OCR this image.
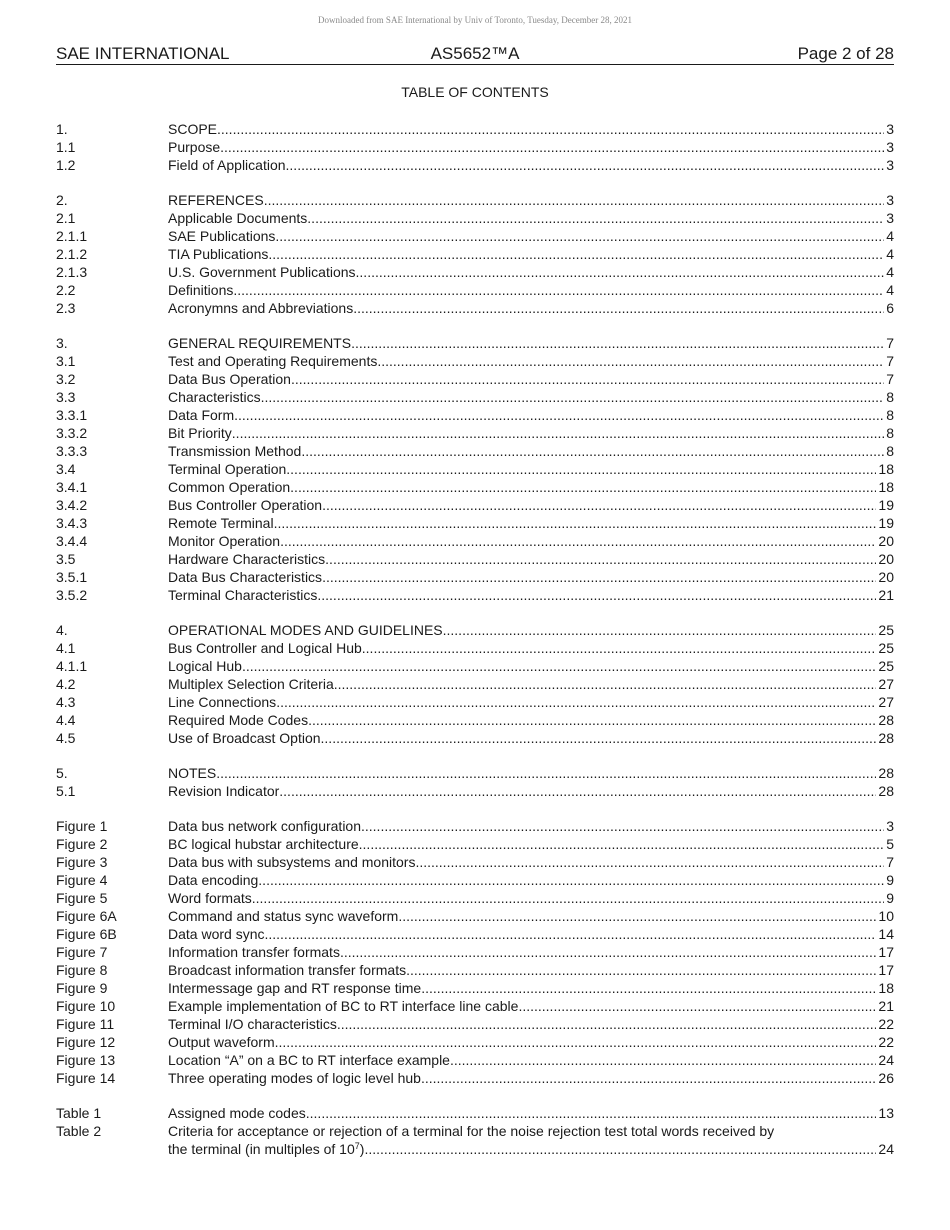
Downloaded from SAE International by Univ of Toronto, Tuesday, December 28, 2021
AS5652™A
SAE INTERNATIONAL	Page 2 of 28
TABLE OF CONTENTS
1.	SCOPE .....	3
1.1	Purpose .....	3
1.2	Field of Application .....	3
2.	REFERENCES .....	3
2.1	Applicable Documents .....	3
2.1.1	SAE Publications .....	4
2.1.2	TIA Publications .....	4
2.1.3	U.S. Government Publications .....	4
2.2	Definitions .....	4
2.3	Acronymns and Abbreviations .....	6
3.	GENERAL REQUIREMENTS .....	7
3.1	Test and Operating Requirements .....	7
3.2	Data Bus Operation .....	7
3.3	Characteristics .....	8
3.3.1	Data Form .....	8
3.3.2	Bit Priority .....	8
3.3.3	Transmission Method .....	8
3.4	Terminal Operation .....	18
3.4.1	Common Operation .....	18
3.4.2	Bus Controller Operation .....	19
3.4.3	Remote Terminal .....	19
3.4.4	Monitor Operation .....	20
3.5	Hardware Characteristics .....	20
3.5.1	Data Bus Characteristics .....	20
3.5.2	Terminal Characteristics .....	21
4.	OPERATIONAL MODES AND GUIDELINES .....	25
4.1	Bus Controller and Logical Hub .....	25
4.1.1	Logical Hub .....	25
4.2	Multiplex Selection Criteria .....	27
4.3	Line Connections .....	27
4.4	Required Mode Codes .....	28
4.5	Use of Broadcast Option .....	28
5.	NOTES .....	28
5.1	Revision Indicator .....	28
Figure 1	Data bus network configuration .....	3
Figure 2	BC logical hubstar architecture .....	5
Figure 3	Data bus with subsystems and monitors .....	7
Figure 4	Data encoding .....	9
Figure 5	Word formats .....	9
Figure 6A	Command and status sync waveform .....	10
Figure 6B	Data word sync .....	14
Figure 7	Information transfer formats .....	17
Figure 8	Broadcast information transfer formats .....	17
Figure 9	Intermessage gap and RT response time .....	18
Figure 10	Example implementation of BC to RT interface line cable .....	21
Figure 11	Terminal I/O characteristics .....	22
Figure 12	Output waveform .....	22
Figure 13	Location “A” on a BC to RT interface example .....	24
Figure 14	Three operating modes of logic level hub .....	26
Table 1	Assigned mode codes .....	13
Table 2	Criteria for acceptance or rejection of a terminal for the noise rejection test total words received by
the terminal (in multiples of $10^7$) .....	24
